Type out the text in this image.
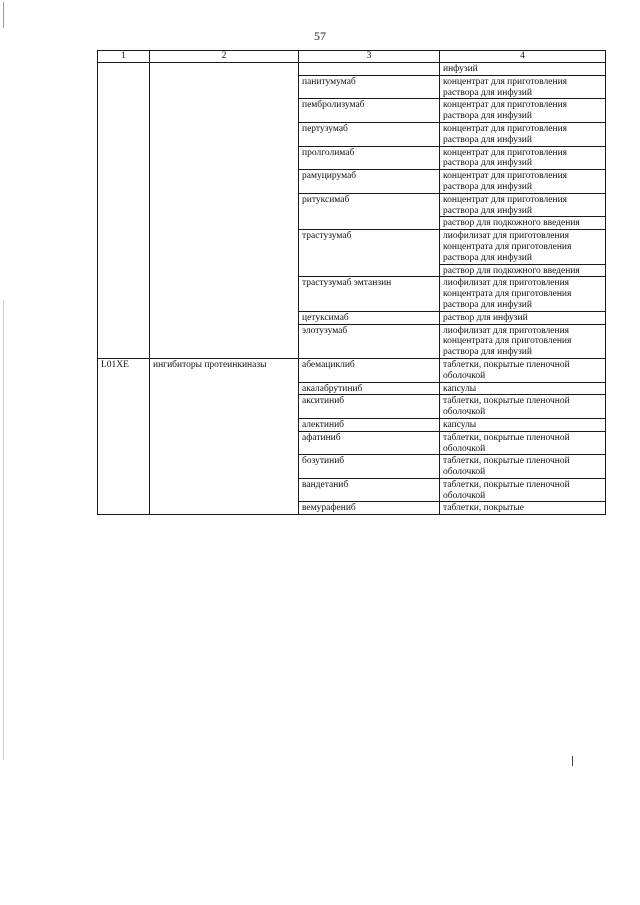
57
1	2	3	4
			инфузий
		панитумумаб	концентрат для приготовления раствора для инфузий
		пембролизумаб	концентрат для приготовления раствора для инфузий
		пертузумаб	концентрат для приготовления раствора для инфузий
		пролголимаб	концентрат для приготовления раствора для инфузий
		рамуцирумаб	концентрат для приготовления раствора для инфузий
		ритуксимаб	концентрат для приготовления раствора для инфузий
			раствор для подкожного введения
		трастузумаб	лиофилизат для приготовления концентрата для приготовления раствора для инфузий
			раствор для подкожного введения
		трастузумаб эмтанзин	лиофилизат для приготовления концентрата для приготовления раствора для инфузий
		цетуксимаб	раствор для инфузий
		элотузумаб	лиофилизат для приготовления концентрата для приготовления раствора для инфузий
L01XE	ингибиторы протеинкиназы	абемациклиб	таблетки, покрытые пленочной оболочкой
		акалабрутиниб	капсулы
		акситиниб	таблетки, покрытые пленочной оболочкой
		алектиниб	капсулы
		афатиниб	таблетки, покрытые пленочной оболочкой
		бозутиниб	таблетки, покрытые пленочной оболочкой
		вандетаниб	таблетки, покрытые пленочной оболочкой
		вемурафениб	таблетки, покрытые
